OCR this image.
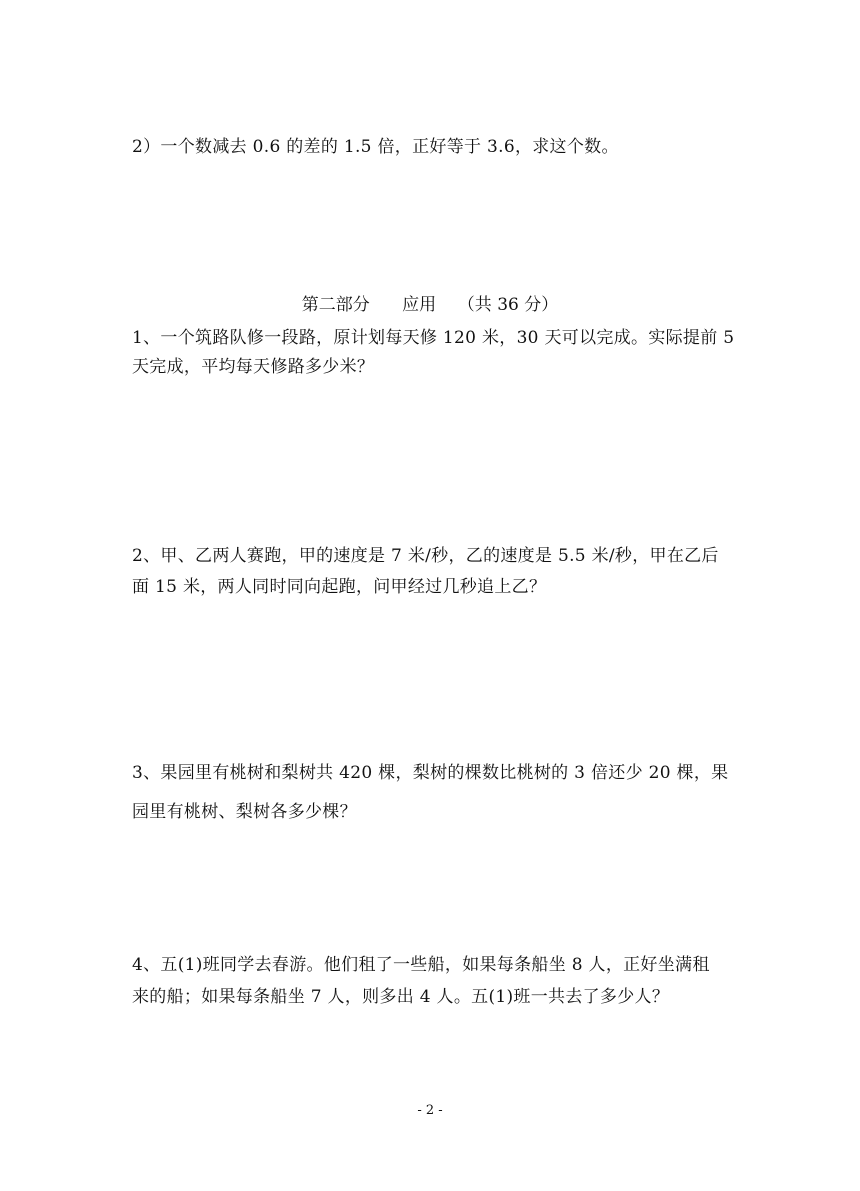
2）一个数减去 0.6 的差的 1.5 倍，正好等于 3.6，求这个数。
第二部分      应用    （共 36 分）
1、一个筑路队修一段路，原计划每天修 120 米，30 天可以完成。实际提前 5
天完成，平均每天修路多少米？
2、甲、乙两人赛跑，甲的速度是 7 米/秒，乙的速度是 5.5 米/秒，甲在乙后
面 15 米，两人同时同向起跑，问甲经过几秒追上乙？
3、果园里有桃树和梨树共 420 棵，梨树的棵数比桃树的 3 倍还少 20 棵，果
园里有桃树、梨树各多少棵？
4、五(1)班同学去春游。他们租了一些船，如果每条船坐 8 人，正好坐满租
来的船；如果每条船坐 7 人，则多出 4 人。五(1)班一共去了多少人？
- 2 -
